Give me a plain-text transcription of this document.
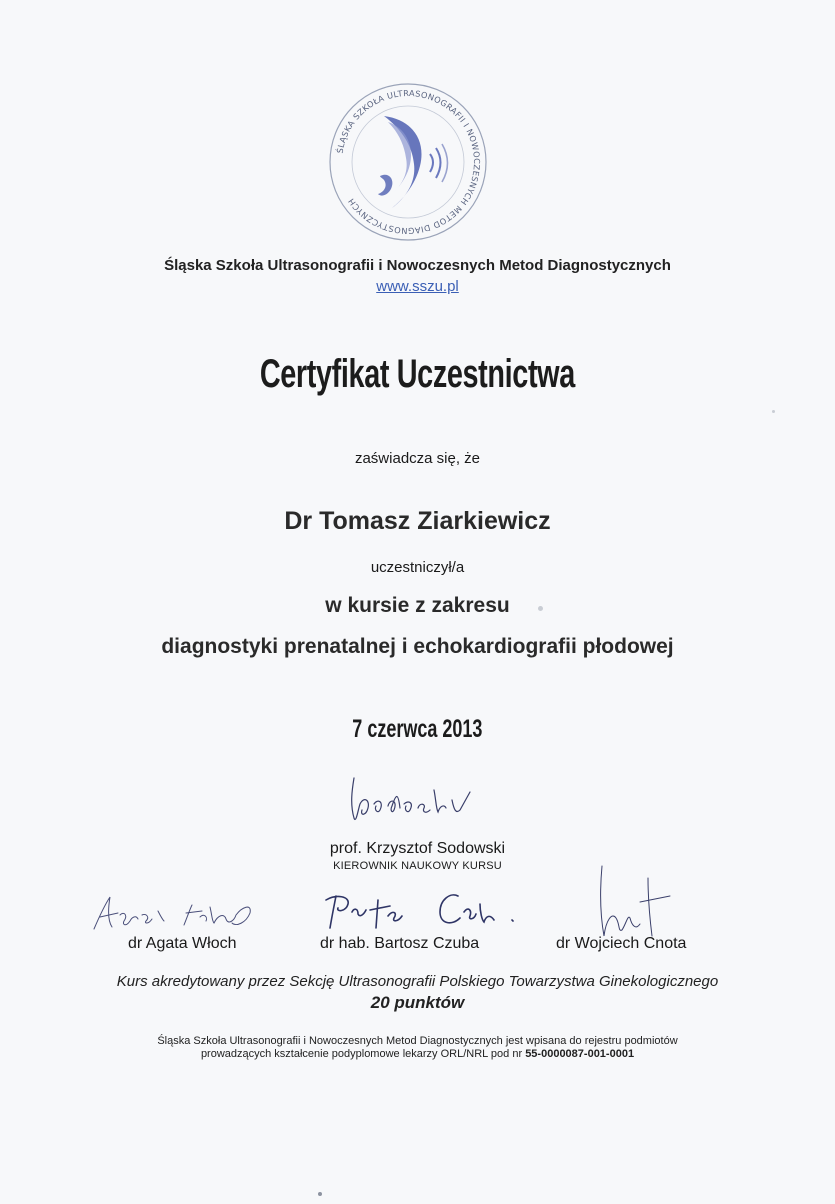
ŚLĄSKA SZKOŁA ULTRASONOGRAFII I NOWOCZESNYCH METOD DIAGNOSTYCZNYCH
Śląska Szkoła Ultrasonografii i Nowoczesnych Metod Diagnostycznych
www.sszu.pl
Certyfikat Uczestnictwa
zaświadcza się, że
Dr Tomasz Ziarkiewicz
uczestniczył/a
w kursie z zakresu
diagnostyki prenatalnej i echokardiografii płodowej
7 czerwca 2013
prof. Krzysztof Sodowski
KIEROWNIK NAUKOWY KURSU
dr Agata Włoch	dr hab. Bartosz Czuba	dr Wojciech Cnota
Kurs akredytowany przez Sekcję Ultrasonografii Polskiego Towarzystwa Ginekologicznego
20 punktów
Śląska Szkoła Ultrasonografii i Nowoczesnych Metod Diagnostycznych jest wpisana do rejestru podmiotów
prowadzących kształcenie podyplomowe lekarzy ORL/NRL pod nr 55-0000087-001-0001
